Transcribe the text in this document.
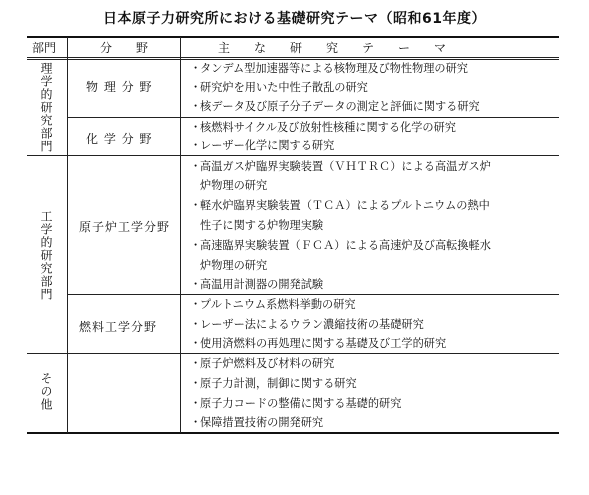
日本原子力研究所における基礎研究テーマ（昭和61年度）
部門	分　　野	主　　な　　研　　究　　テ　　ー　　マ
理学的研究部門
工学的研究部門
その他
物 理 分 野
化 学 分 野
原子炉工学分野
燃料工学分野
・タンデム型加速器等による核物理及び物性物理の研究
・研究炉を用いた中性子散乱の研究
・核データ及び原子分子データの測定と評価に関する研究
・核燃料サイクル及び放射性核種に関する化学の研究
・レーザー化学に関する研究
・高温ガス炉臨界実験装置（ＶＨＴＲＣ）による高温ガス炉
炉物理の研究
・軽水炉臨界実験装置（ＴＣＡ）によるプルトニウムの熱中
性子に関する炉物理実験
・高速臨界実験装置（ＦＣＡ）による高速炉及び高転換軽水
炉物理の研究
・高温用計測器の開発試験
・プルトニウム系燃料挙動の研究
・レーザー法によるウラン濃縮技術の基礎研究
・使用済燃料の再処理に関する基礎及び工学的研究
・原子炉燃料及び材料の研究
・原子力計測，制御に関する研究
・原子力コードの整備に関する基礎的研究
・保障措置技術の開発研究
